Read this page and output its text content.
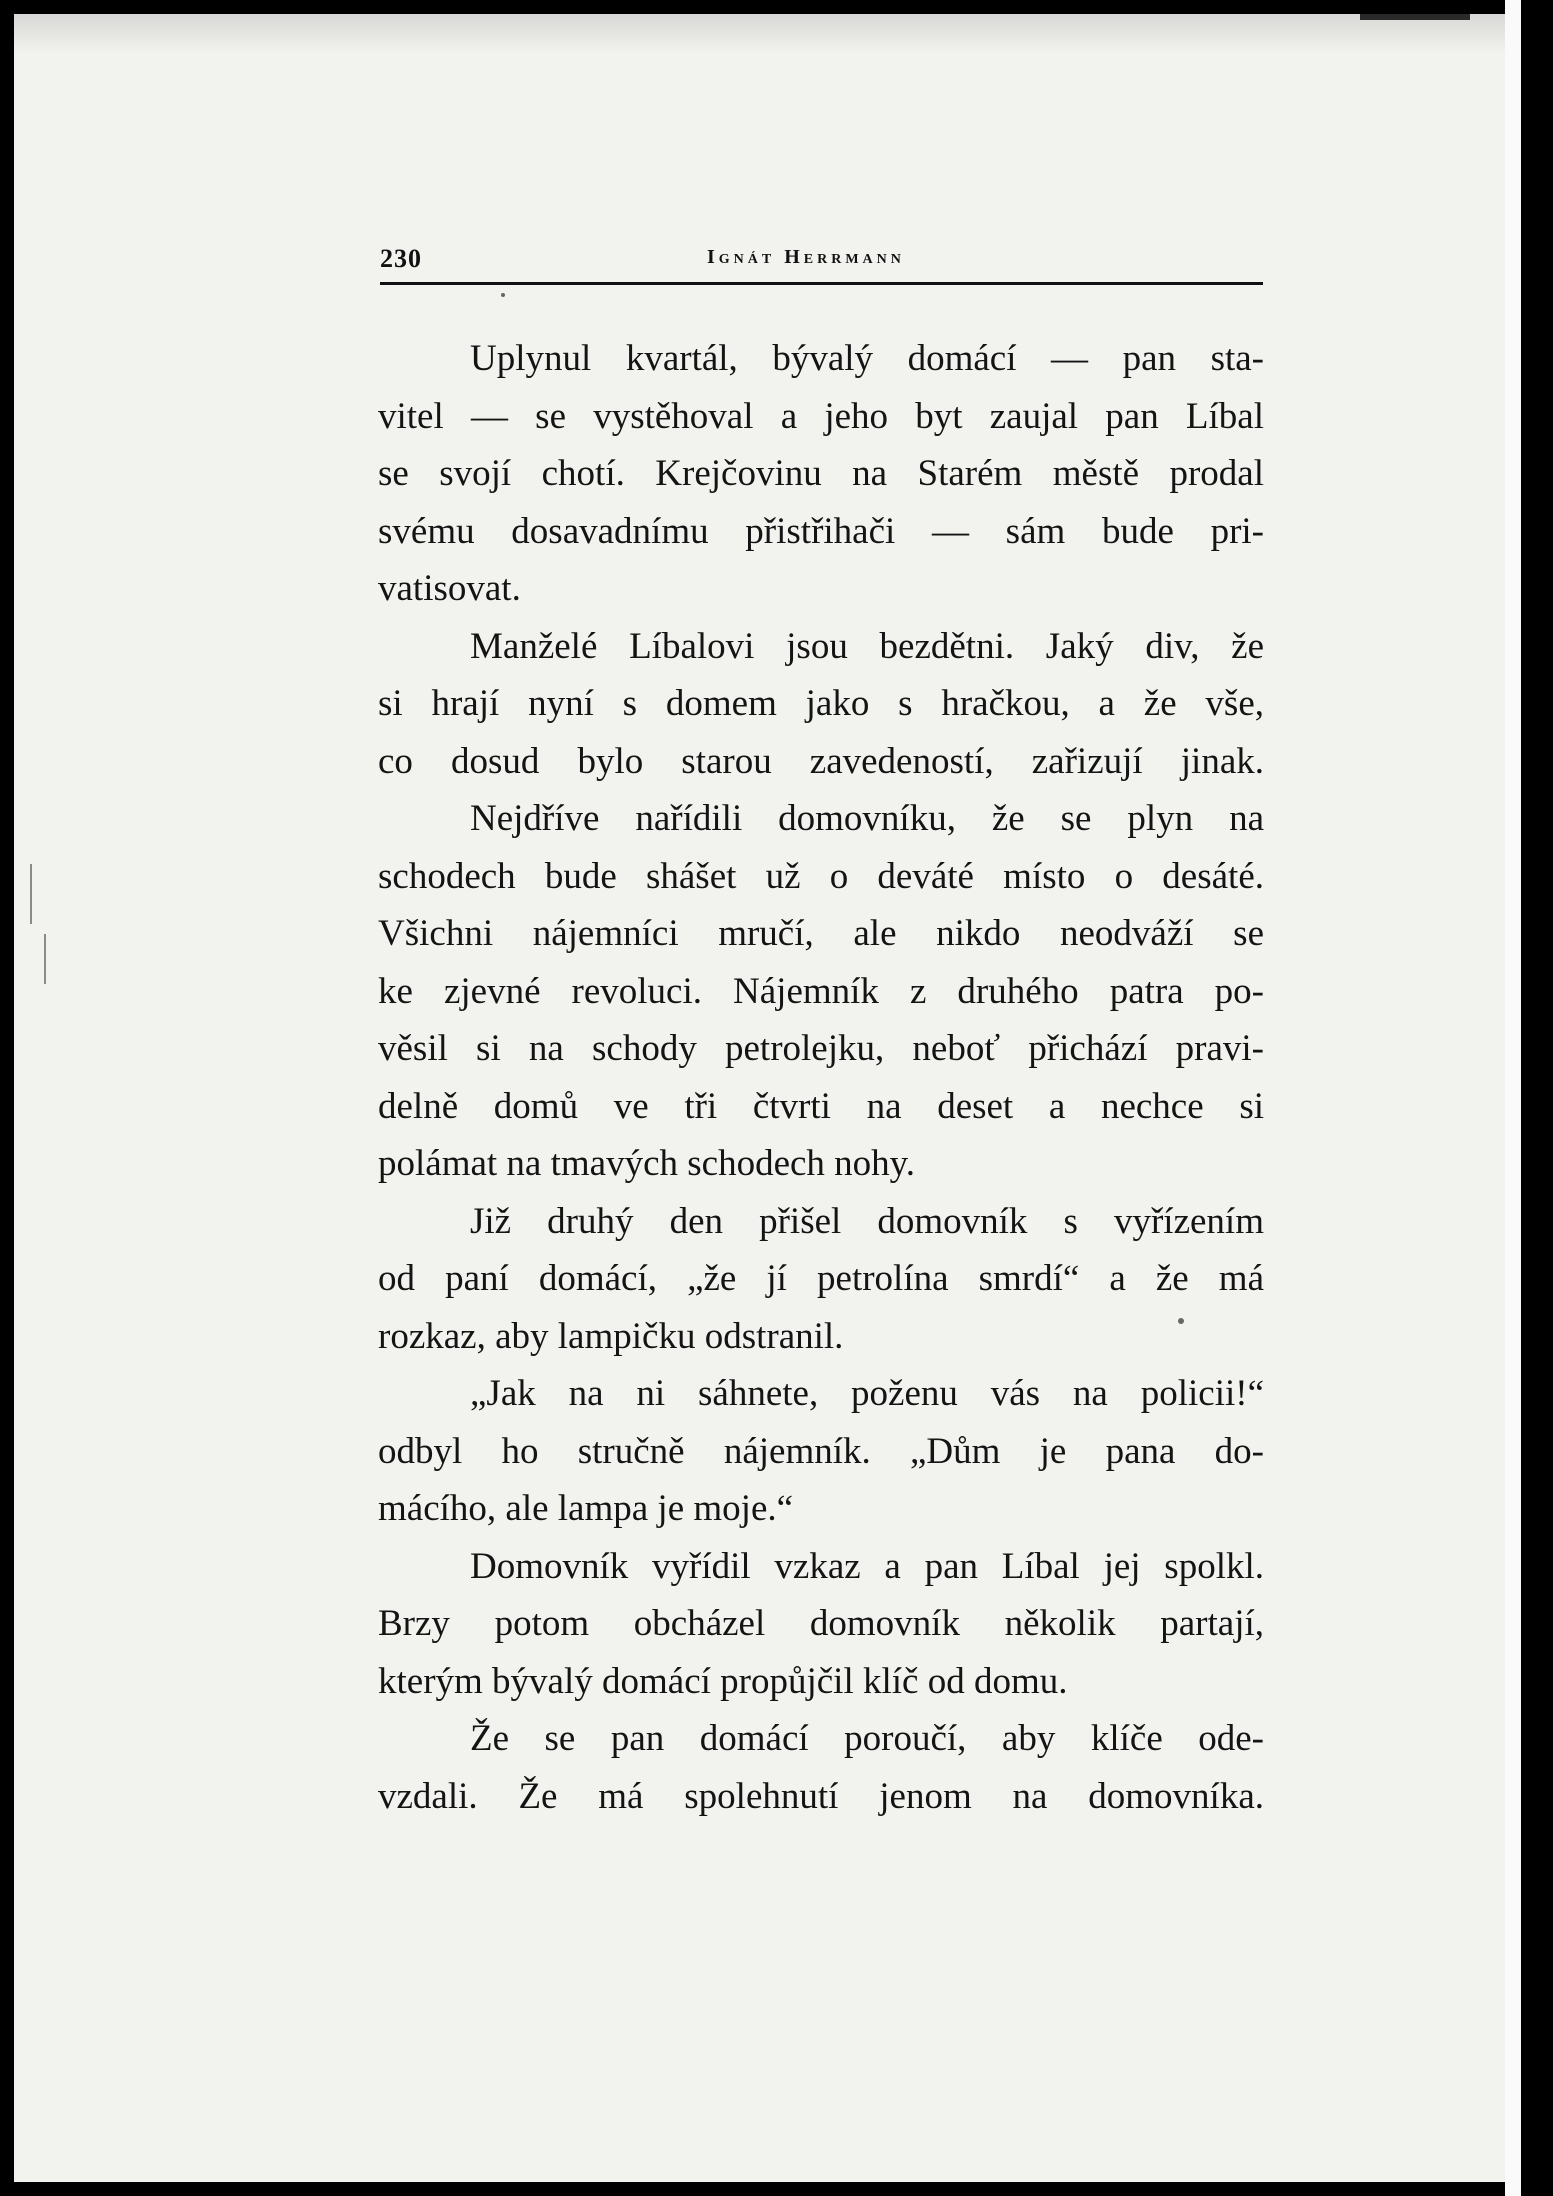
230	Ignát Herrmann
Uplynul kvartál, bývalý domácí — pan sta-
vitel — se vystěhoval a jeho byt zaujal pan Líbal
se svojí chotí. Krejčovinu na Starém městě prodal
svému dosavadnímu přistřihači — sám bude pri-
vatisovat.
Manželé Líbalovi jsou bezdětni. Jaký div, že
si hrají nyní s domem jako s hračkou, a že vše,
co dosud bylo starou zavedeností, zařizují jinak.
Nejdříve nařídili domovníku, že se plyn na
schodech bude shášet už o deváté místo o desáté.
Všichni nájemníci mručí, ale nikdo neodváží se
ke zjevné revoluci. Nájemník z druhého patra po-
věsil si na schody petrolejku, neboť přichází pravi-
delně domů ve tři čtvrti na deset a nechce si
polámat na tmavých schodech nohy.
Již druhý den přišel domovník s vyřízením
od paní domácí, „že jí petrolína smrdí“ a že má
rozkaz, aby lampičku odstranil.
„Jak na ni sáhnete, poženu vás na policii!“
odbyl ho stručně nájemník. „Dům je pana do-
mácího, ale lampa je moje.“
Domovník vyřídil vzkaz a pan Líbal jej spolkl.
Brzy potom obcházel domovník několik partají,
kterým bývalý domácí propůjčil klíč od domu.
Že se pan domácí poroučí, aby klíče ode-
vzdali. Že má spolehnutí jenom na domovníka.
